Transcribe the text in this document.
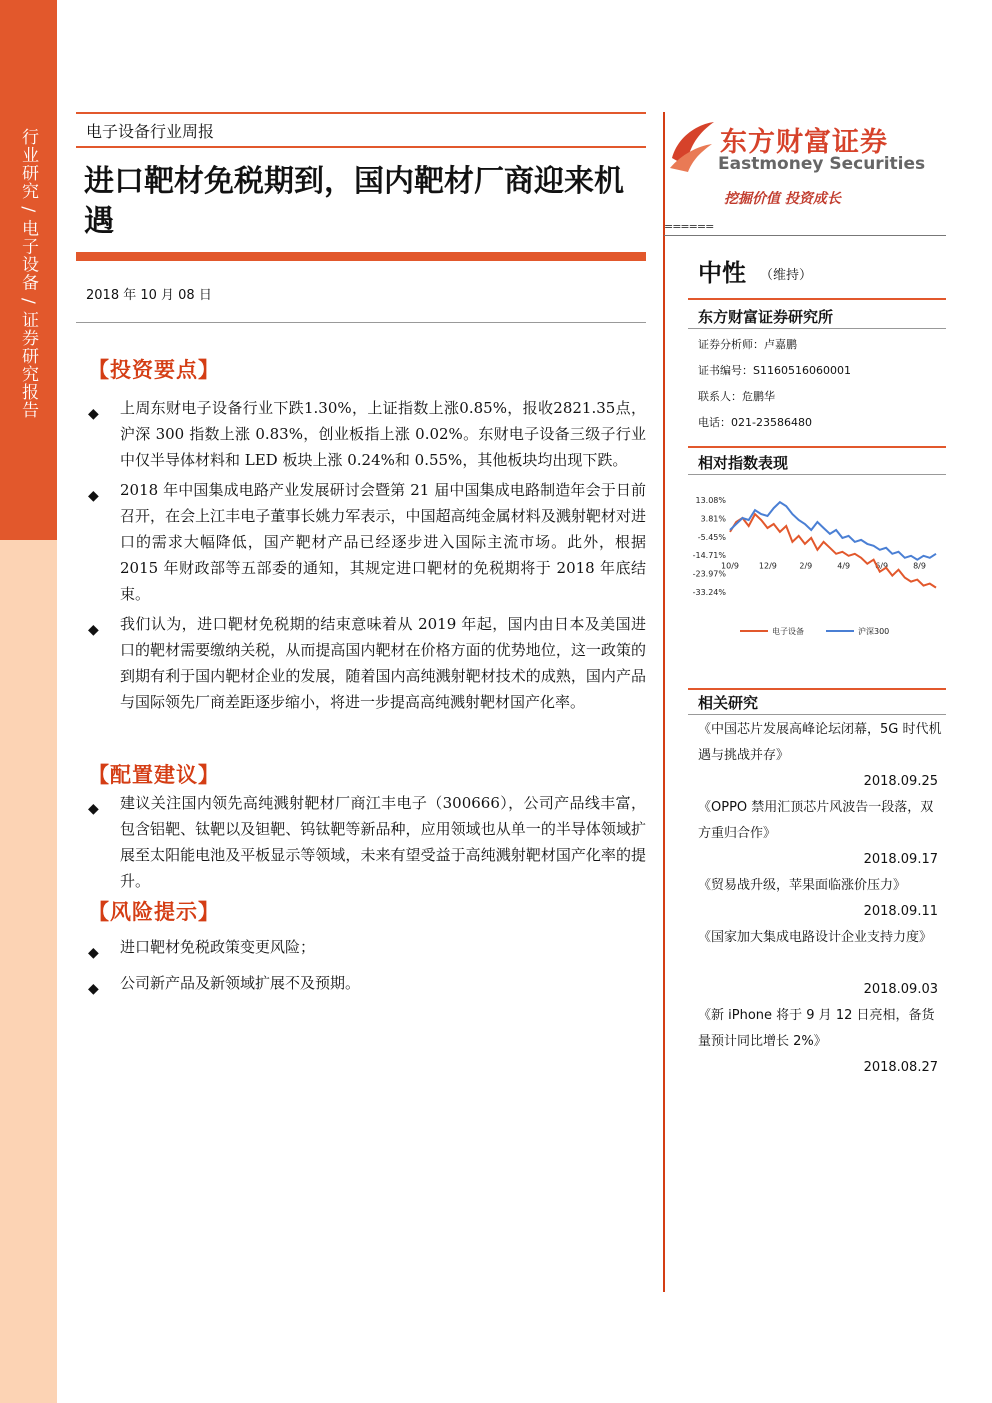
行业研究 / 电子设备 / 证券研究报告	电子设备行业周报
进口靶材免税期到，国内靶材厂商迎来机遇
2018 年 10 月 08 日
【投资要点】
◆ 上周东财电子设备行业下跌1.30%，上证指数上涨0.85%，报收2821.35点，沪深 300 指数上涨 0.83%，创业板指上涨 0.02%。东财电子设备三级子行业中仅半导体材料和 LED 板块上涨 0.24%和 0.55%，其他板块均出现下跌。
◆ 2018 年中国集成电路产业发展研讨会暨第 21 届中国集成电路制造年会于日前召开，在会上江丰电子董事长姚力军表示，中国超高纯金属材料及溅射靶材对进口的需求大幅降低，国产靶材产品已经逐步进入国际主流市场。此外，根据 2015 年财政部等五部委的通知，其规定进口靶材的免税期将于 2018 年底结束。
◆ 我们认为，进口靶材免税期的结束意味着从 2019 年起，国内由日本及美国进口的靶材需要缴纳关税，从而提高国内靶材在价格方面的优势地位，这一政策的到期有利于国内靶材企业的发展，随着国内高纯溅射靶材技术的成熟，国内产品与国际领先厂商差距逐步缩小，将进一步提高高纯溅射靶材国产化率。
【配置建议】
◆ 建议关注国内领先高纯溅射靶材厂商江丰电子（300666），公司产品线丰富，包含铝靶、钛靶以及钽靶、钨钛靶等新品种，应用领域也从单一的半导体领域扩展至太阳能电池及平板显示等领域，未来有望受益于高纯溅射靶材国产化率的提升。
【风险提示】
◆ 进口靶材免税政策变更风险；
◆ 公司新产品及新领域扩展不及预期。
东方财富证券
Eastmoney Securities
挖掘价值 投资成长
======
中性 （维持）
东方财富证券研究所
证券分析师：卢嘉鹏
证书编号：S1160516060001
联系人：危鹏华
电话：021-23586480
相对指数表现
13.08%
3.81%
-5.45%
-14.71%
-23.97%
-33.24%
10/9 12/9	2/9	4/9	6/9	8/9
电子设备	沪深300
相关研究
《中国芯片发展高峰论坛闭幕，5G 时代机遇与挑战并存》
2018.09.25
《OPPO 禁用汇顶芯片风波告一段落，双方重归合作》
2018.09.17
《贸易战升级，苹果面临涨价压力》
2018.09.11
《国家加大集成电路设计企业支持力度》
2018.09.03
《新 iPhone 将于 9 月 12 日亮相，备货量预计同比增长 2%》
2018.08.27
